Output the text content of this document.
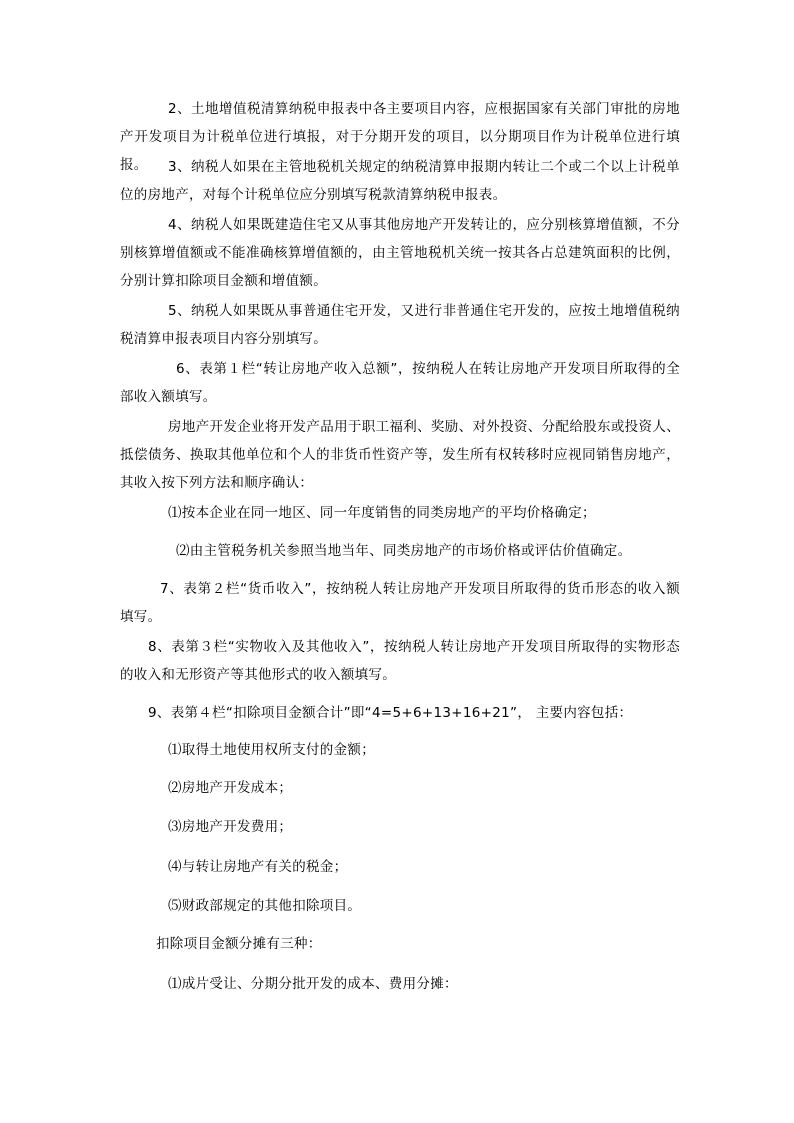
2、土地增值税清算纳税申报表中各主要项目内容，应根据国家有关部门审批的房地产开发项目为计税单位进行填报，对于分期开发的项目，以分期项目作为计税单位进行填报。	3、纳税人如果在主管地税机关规定的纳税清算申报期内转让二个或二个以上计税单位的房地产，对每个计税单位应分别填写税款清算纳税申报表。

4、纳税人如果既建造住宅又从事其他房地产开发转让的，应分别核算增值额，不分别核算增值额或不能准确核算增值额的，由主管地税机关统一按其各占总建筑面积的比例，分别计算扣除项目金额和增值额。

5、纳税人如果既从事普通住宅开发，又进行非普通住宅开发的，应按土地增值税纳税清算申报表项目内容分别填写。

6、表第１栏“转让房地产收入总额”，按纳税人在转让房地产开发项目所取得的全部收入额填写。

房地产开发企业将开发产品用于职工福利、奖励、对外投资、分配给股东或投资人、抵偿债务、换取其他单位和个人的非货币性资产等，发生所有权转移时应视同销售房地产，其收入按下列方法和顺序确认：

⑴按本企业在同一地区、同一年度销售的同类房地产的平均价格确定；

⑵由主管税务机关参照当地当年、同类房地产的市场价格或评估价值确定。

7、表第２栏“货币收入”，按纳税人转让房地产开发项目所取得的货币形态的收入额填写。

8、表第３栏“实物收入及其他收入”，按纳税人转让房地产开发项目所取得的实物形态的收入和无形资产等其他形式的收入额填写。

9、表第４栏“扣除项目金额合计”即“4=5+6+13+16+21”， 主要内容包括：

⑴取得土地使用权所支付的金额；

⑵房地产开发成本；

⑶房地产开发费用；

⑷与转让房地产有关的税金；

⑸财政部规定的其他扣除项目。

扣除项目金额分摊有三种：

⑴成片受让、分期分批开发的成本、费用分摊：
